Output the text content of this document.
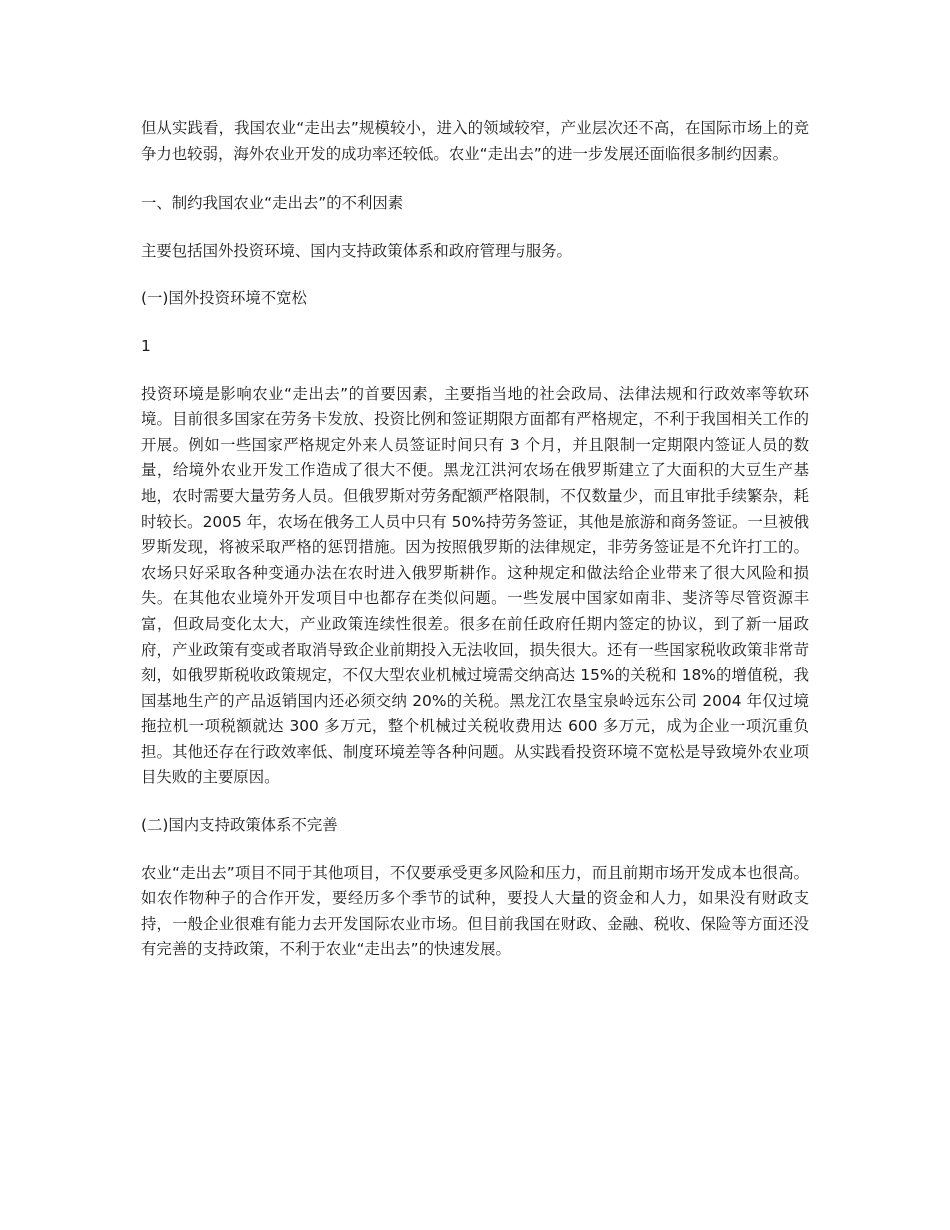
但从实践看，我国农业“走出去”规模较小，进入的领域较窄，产业层次还不高，在国际市场上的竞争力也较弱，海外农业开发的成功率还较低。农业“走出去”的进一步发展还面临很多制约因素。

一、制约我国农业“走出去”的不利因素

主要包括国外投资环境、国内支持政策体系和政府管理与服务。

(一)国外投资环境不宽松

1

投资环境是影响农业“走出去”的首要因素，主要指当地的社会政局、法律法规和行政效率等软环境。目前很多国家在劳务卡发放、投资比例和签证期限方面都有严格规定，不利于我国相关工作的开展。例如一些国家严格规定外来人员签证时间只有 3 个月，并且限制一定期限内签证人员的数量，给境外农业开发工作造成了很大不便。黑龙江洪河农场在俄罗斯建立了大面积的大豆生产基地，农时需要大量劳务人员。但俄罗斯对劳务配额严格限制，不仅数量少，而且审批手续繁杂，耗时较长。2005 年，农场在俄务工人员中只有 50%持劳务签证，其他是旅游和商务签证。一旦被俄罗斯发现，将被采取严格的惩罚措施。因为按照俄罗斯的法律规定，非劳务签证是不允许打工的。农场只好采取各种变通办法在农时进入俄罗斯耕作。这种规定和做法给企业带来了很大风险和损失。在其他农业境外开发项目中也都存在类似问题。一些发展中国家如南非、斐济等尽管资源丰富，但政局变化太大，产业政策连续性很差。很多在前任政府任期内签定的协议，到了新一届政府，产业政策有变或者取消导致企业前期投入无法收回，损失很大。还有一些国家税收政策非常苛刻，如俄罗斯税收政策规定，不仅大型农业机械过境需交纳高达 15%的关税和 18%的增值税，我国基地生产的产品返销国内还必须交纳 20%的关税。黑龙江农垦宝泉岭远东公司 2004 年仅过境拖拉机一项税额就达 300 多万元，整个机械过关税收费用达 600 多万元，成为企业一项沉重负担。其他还存在行政效率低、制度环境差等各种问题。从实践看投资环境不宽松是导致境外农业项目失败的主要原因。

(二)国内支持政策体系不完善

农业“走出去”项目不同于其他项目，不仅要承受更多风险和压力，而且前期市场开发成本也很高。如农作物种子的合作开发，要经历多个季节的试种，要投人大量的资金和人力，如果没有财政支持，一般企业很难有能力去开发国际农业市场。但目前我国在财政、金融、税收、保险等方面还没有完善的支持政策，不利于农业“走出去”的快速发展。
